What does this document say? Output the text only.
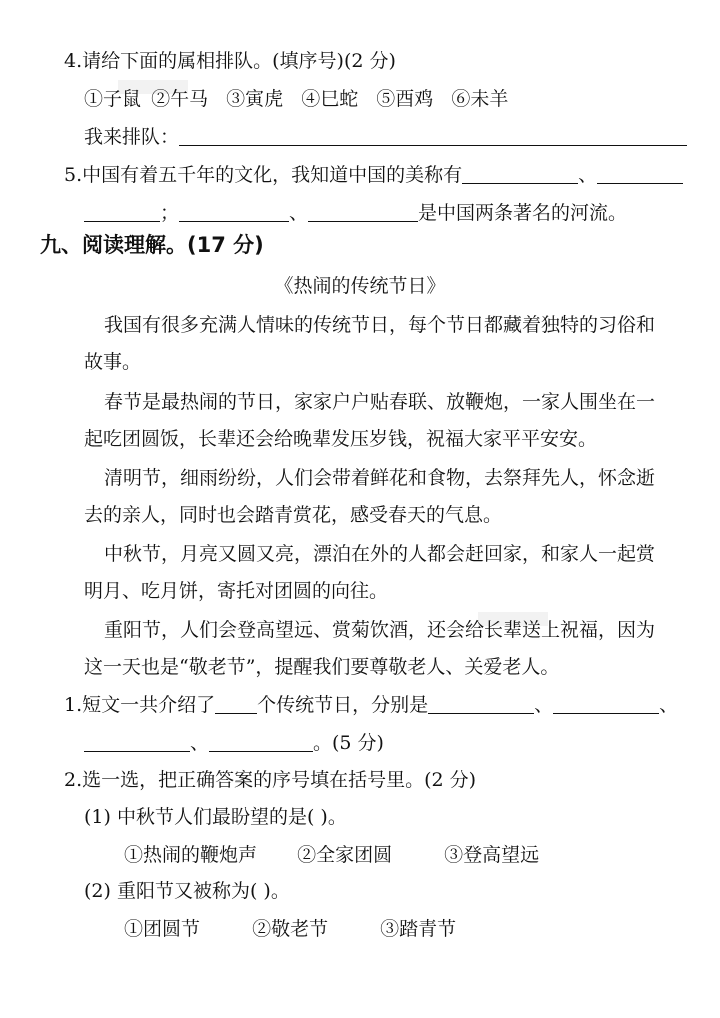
4.请给下面的属相排队。(填序号)(2 分)
①子鼠 ②午马 ③寅虎 ④巳蛇 ⑤酉鸡 ⑥未羊
我来排队：
5.中国有着五千年的文化，我知道中国的美称有	、
；	、	是中国两条著名的河流。
九、阅读理解。(17 分)
《热闹的传统节日》
我国有很多充满人情味的传统节日，每个节日都藏着独特的习俗和
故事。
春节是最热闹的节日，家家户户贴春联、放鞭炮，一家人围坐在一
起吃团圆饭，长辈还会给晚辈发压岁钱，祝福大家平平安安。
清明节，细雨纷纷，人们会带着鲜花和食物，去祭拜先人，怀念逝
去的亲人，同时也会踏青赏花，感受春天的气息。
中秋节，月亮又圆又亮，漂泊在外的人都会赶回家，和家人一起赏
明月、吃月饼，寄托对团圆的向往。
重阳节，人们会登高望远、赏菊饮酒，还会给长辈送上祝福，因为
这一天也是“敬老节”，提醒我们要尊敬老人、关爱老人。
1.短文一共介绍了 个传统节日，分别是	、	、
、	。(5 分)
2.选一选，把正确答案的序号填在括号里。(2 分)
(1) 中秋节人们最盼望的是( )。
①热闹的鞭炮声 ②全家团圆	③登高望远
(2) 重阳节又被称为( )。
①团圆节	②敬老节	③踏青节
